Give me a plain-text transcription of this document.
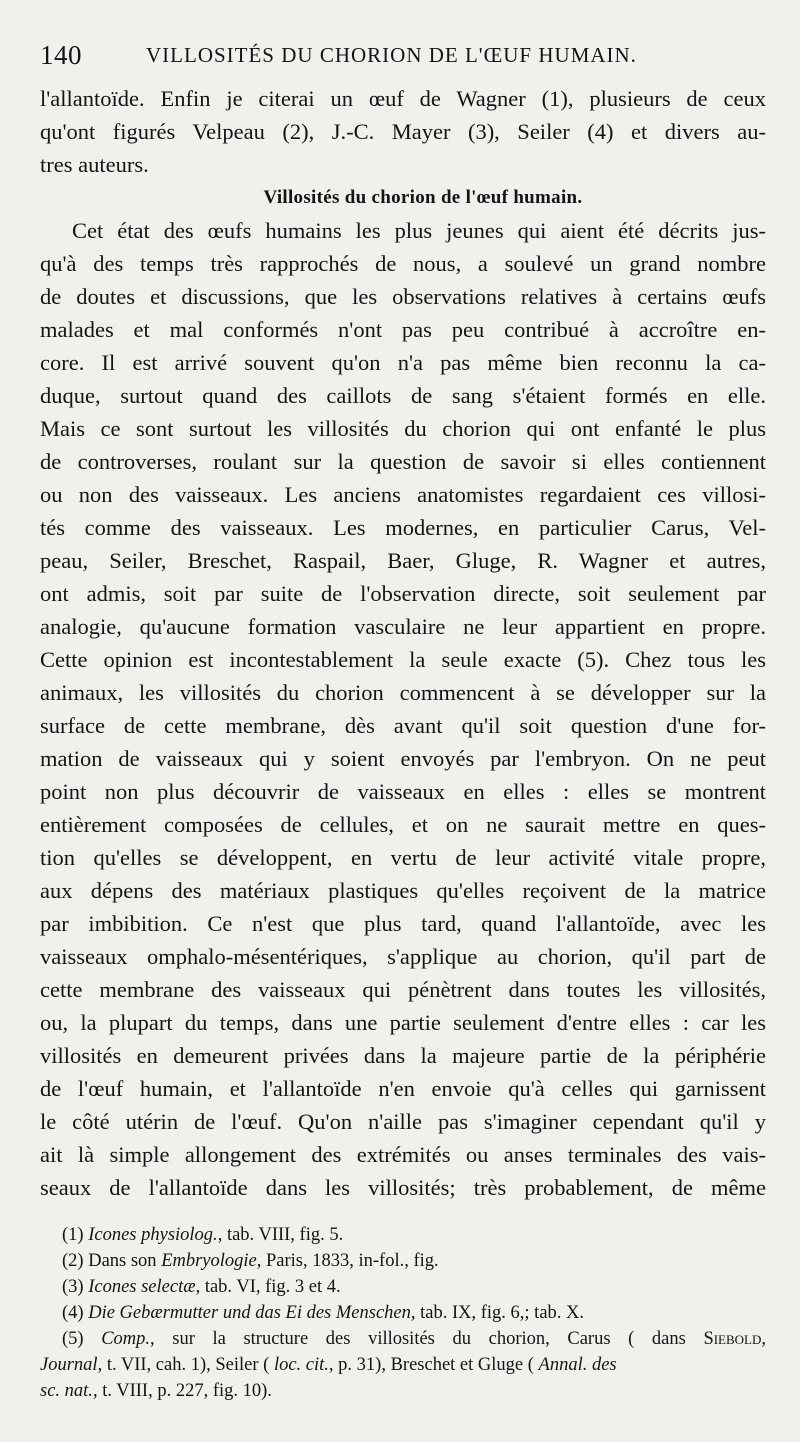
140	VILLOSITÉS DU CHORION DE L'ŒUF HUMAIN.
l'allantoïde. Enfin je citerai un œuf de Wagner (1), plusieurs de ceux
qu'ont figurés Velpeau (2), J.-C. Mayer (3), Seiler (4) et divers au-
tres auteurs.
Villosités du chorion de l'œuf humain.
Cet état des œufs humains les plus jeunes qui aient été décrits jus-
qu'à des temps très rapprochés de nous, a soulevé un grand nombre
de doutes et discussions, que les observations relatives à certains œufs
malades et mal conformés n'ont pas peu contribué à accroître en-
core. Il est arrivé souvent qu'on n'a pas même bien reconnu la ca-
duque, surtout quand des caillots de sang s'étaient formés en elle.
Mais ce sont surtout les villosités du chorion qui ont enfanté le plus
de controverses, roulant sur la question de savoir si elles contiennent
ou non des vaisseaux. Les anciens anatomistes regardaient ces villosi-
tés comme des vaisseaux. Les modernes, en particulier Carus, Vel-
peau, Seiler, Breschet, Raspail, Baer, Gluge, R. Wagner et autres,
ont admis, soit par suite de l'observation directe, soit seulement par
analogie, qu'aucune formation vasculaire ne leur appartient en propre.
Cette opinion est incontestablement la seule exacte (5). Chez tous les
animaux, les villosités du chorion commencent à se développer sur la
surface de cette membrane, dès avant qu'il soit question d'une for-
mation de vaisseaux qui y soient envoyés par l'embryon. On ne peut
point non plus découvrir de vaisseaux en elles : elles se montrent
entièrement composées de cellules, et on ne saurait mettre en ques-
tion qu'elles se développent, en vertu de leur activité vitale propre,
aux dépens des matériaux plastiques qu'elles reçoivent de la matrice
par imbibition. Ce n'est que plus tard, quand l'allantoïde, avec les
vaisseaux omphalo-mésentériques, s'applique au chorion, qu'il part de
cette membrane des vaisseaux qui pénètrent dans toutes les villosités,
ou, la plupart du temps, dans une partie seulement d'entre elles : car les
villosités en demeurent privées dans la majeure partie de la périphérie
de l'œuf humain, et l'allantoïde n'en envoie qu'à celles qui garnissent
le côté utérin de l'œuf. Qu'on n'aille pas s'imaginer cependant qu'il y
ait là simple allongement des extrémités ou anses terminales des vais-
seaux de l'allantoïde dans les villosités; très probablement, de même
(1) Icones physiolog., tab. VIII, fig. 5.
(2) Dans son Embryologie, Paris, 1833, in-fol., fig.
(3) Icones selectæ, tab. VI, fig. 3 et 4.
(4) Die Gebærmutter und das Ei des Menschen, tab. IX, fig. 6,; tab. X.
(5) Comp., sur la structure des villosités du chorion, Carus ( dans Siebold,
Journal, t. VII, cah. 1), Seiler ( loc. cit., p. 31), Breschet et Gluge ( Annal. des
sc. nat., t. VIII, p. 227, fig. 10).
